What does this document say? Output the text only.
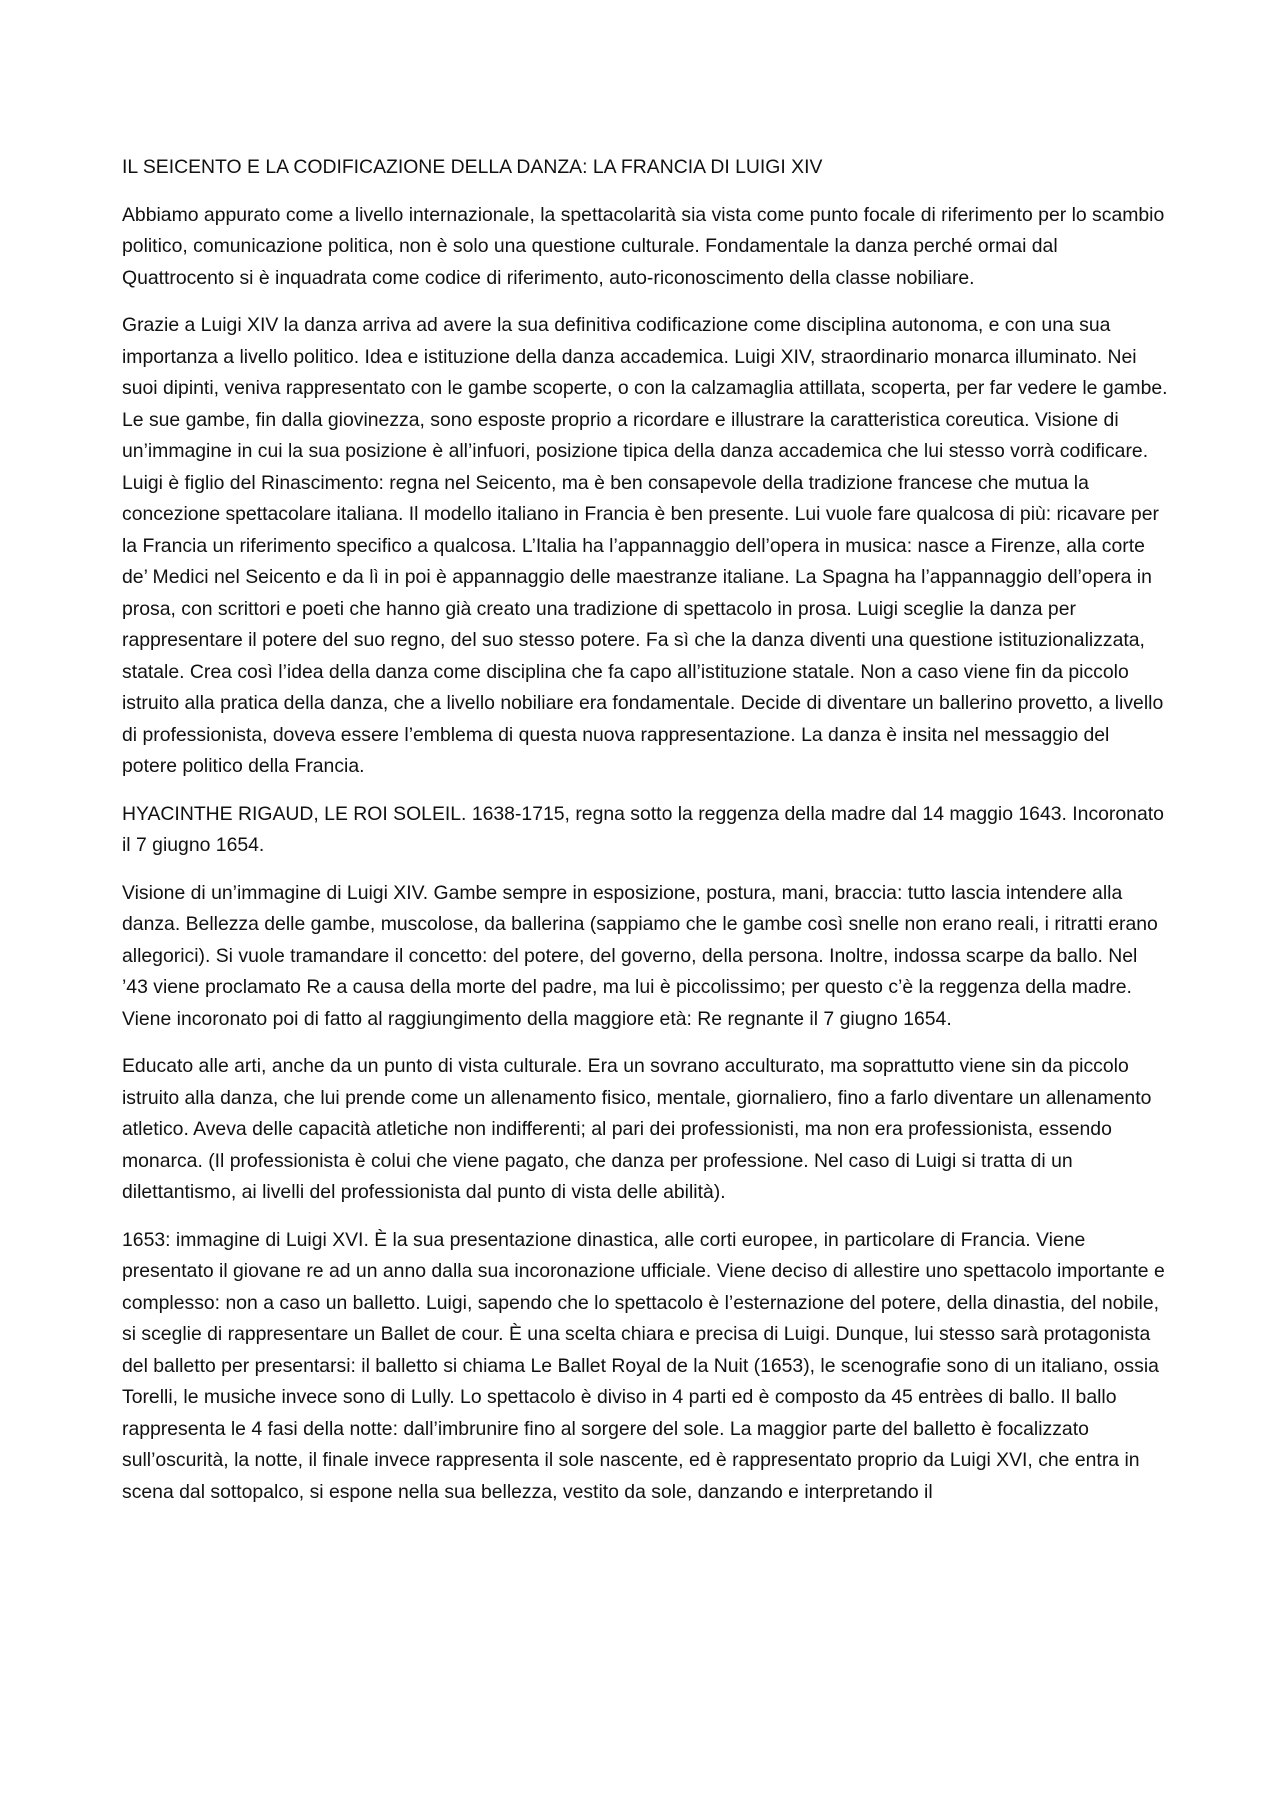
IL SEICENTO E LA CODIFICAZIONE DELLA DANZA: LA FRANCIA DI LUIGI XIV

Abbiamo appurato come a livello internazionale, la spettacolarità sia vista come punto focale di riferimento per lo scambio politico, comunicazione politica, non è solo una questione culturale. Fondamentale la danza perché ormai dal Quattrocento si è inquadrata come codice di riferimento, auto-riconoscimento della classe nobiliare.

Grazie a Luigi XIV la danza arriva ad avere la sua definitiva codificazione come disciplina autonoma, e con una sua importanza a livello politico. Idea e istituzione della danza accademica. Luigi XIV, straordinario monarca illuminato. Nei suoi dipinti, veniva rappresentato con le gambe scoperte, o con la calzamaglia attillata, scoperta, per far vedere le gambe. Le sue gambe, fin dalla giovinezza, sono esposte proprio a ricordare e illustrare la caratteristica coreutica. Visione di un’immagine in cui la sua posizione è all’infuori, posizione tipica della danza accademica che lui stesso vorrà codificare. Luigi è figlio del Rinascimento: regna nel Seicento, ma è ben consapevole della tradizione francese che mutua la concezione spettacolare italiana. Il modello italiano in Francia è ben presente. Lui vuole fare qualcosa di più: ricavare per la Francia un riferimento specifico a qualcosa. L’Italia ha l’appannaggio dell’opera in musica: nasce a Firenze, alla corte de’ Medici nel Seicento e da lì in poi è appannaggio delle maestranze italiane. La Spagna ha l’appannaggio dell’opera in prosa, con scrittori e poeti che hanno già creato una tradizione di spettacolo in prosa. Luigi sceglie la danza per rappresentare il potere del suo regno, del suo stesso potere. Fa sì che la danza diventi una questione istituzionalizzata, statale. Crea così l’idea della danza come disciplina che fa capo all’istituzione statale. Non a caso viene fin da piccolo istruito alla pratica della danza, che a livello nobiliare era fondamentale. Decide di diventare un ballerino provetto, a livello di professionista, doveva essere l’emblema di questa nuova rappresentazione. La danza è insita nel messaggio del potere politico della Francia.

HYACINTHE RIGAUD, LE ROI SOLEIL. 1638-1715, regna sotto la reggenza della madre dal 14 maggio 1643. Incoronato il 7 giugno 1654.

Visione di un’immagine di Luigi XIV. Gambe sempre in esposizione, postura, mani, braccia: tutto lascia intendere alla danza. Bellezza delle gambe, muscolose, da ballerina (sappiamo che le gambe così snelle non erano reali, i ritratti erano allegorici). Si vuole tramandare il concetto: del potere, del governo, della persona. Inoltre, indossa scarpe da ballo. Nel ’43 viene proclamato Re a causa della morte del padre, ma lui è piccolissimo; per questo c’è la reggenza della madre. Viene incoronato poi di fatto al raggiungimento della maggiore età: Re regnante il 7 giugno 1654.

Educato alle arti, anche da un punto di vista culturale. Era un sovrano acculturato, ma soprattutto viene sin da piccolo istruito alla danza, che lui prende come un allenamento fisico, mentale, giornaliero, fino a farlo diventare un allenamento atletico. Aveva delle capacità atletiche non indifferenti; al pari dei professionisti, ma non era professionista, essendo monarca. (Il professionista è colui che viene pagato, che danza per professione. Nel caso di Luigi si tratta di un dilettantismo, ai livelli del professionista dal punto di vista delle abilità).

1653: immagine di Luigi XVI. È la sua presentazione dinastica, alle corti europee, in particolare di Francia. Viene presentato il giovane re ad un anno dalla sua incoronazione ufficiale. Viene deciso di allestire uno spettacolo importante e complesso: non a caso un balletto. Luigi, sapendo che lo spettacolo è l’esternazione del potere, della dinastia, del nobile, si sceglie di rappresentare un Ballet de cour. È una scelta chiara e precisa di Luigi. Dunque, lui stesso sarà protagonista del balletto per presentarsi: il balletto si chiama Le Ballet Royal de la Nuit (1653), le scenografie sono di un italiano, ossia Torelli, le musiche invece sono di Lully. Lo spettacolo è diviso in 4 parti ed è composto da 45 entrèes di ballo. Il ballo rappresenta le 4 fasi della notte: dall’imbrunire fino al sorgere del sole. La maggior parte del balletto è focalizzato sull’oscurità, la notte, il finale invece rappresenta il sole nascente, ed è rappresentato proprio da Luigi XVI, che entra in scena dal sottopalco, si espone nella sua bellezza, vestito da sole, danzando e interpretando il
